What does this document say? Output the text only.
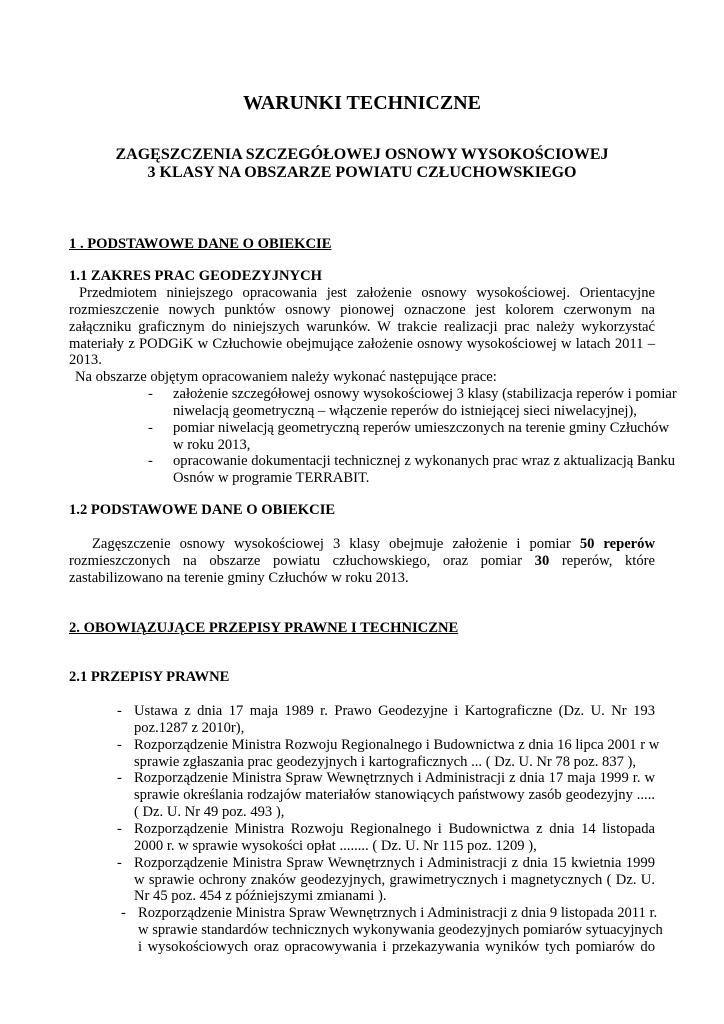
WARUNKI TECHNICZNE
ZAGĘSZCZENIA SZCZEGÓŁOWEJ OSNOWY WYSOKOŚCIOWEJ
3 KLASY NA OBSZARZE POWIATU CZŁUCHOWSKIEGO
1 . PODSTAWOWE DANE O OBIEKCIE
1.1 ZAKRES PRAC GEODEZYJNYCH
Przedmiotem niniejszego opracowania jest założenie osnowy wysokościowej. Orientacyjne
rozmieszczenie nowych punktów osnowy pionowej oznaczone jest kolorem czerwonym na
załączniku graficznym do niniejszych warunków. W trakcie realizacji prac należy wykorzystać
materiały z PODGiK w Człuchowie obejmujące założenie osnowy wysokościowej w latach 2011 –
2013.
Na obszarze objętym opracowaniem należy wykonać następujące prace:
- założenie szczegółowej osnowy wysokościowej 3 klasy (stabilizacja reperów i pomiar
niwelacją geometryczną – włączenie reperów do istniejącej sieci niwelacyjnej),
- pomiar niwelacją geometryczną reperów umieszczonych na terenie gminy Człuchów
w roku 2013,
- opracowanie dokumentacji technicznej z wykonanych prac wraz z aktualizacją Banku
Osnów w programie TERRABIT.
1.2 PODSTAWOWE DANE O OBIEKCIE
Zagęszczenie osnowy wysokościowej 3 klasy obejmuje założenie i pomiar 50 reperów
rozmieszczonych na obszarze powiatu człuchowskiego, oraz pomiar 30 reperów, które
zastabilizowano na terenie gminy Człuchów w roku 2013.
2. OBOWIĄZUJĄCE PRZEPISY PRAWNE I TECHNICZNE
2.1 PRZEPISY PRAWNE
- Ustawa z dnia 17 maja 1989 r. Prawo Geodezyjne i Kartograficzne (Dz. U. Nr 193
poz.1287 z 2010r),
- Rozporządzenie Ministra Rozwoju Regionalnego i Budownictwa z dnia 16 lipca 2001 r w
sprawie zgłaszania prac geodezyjnych i kartograficznych ... ( Dz. U. Nr 78 poz. 837 ),
- Rozporządzenie Ministra Spraw Wewnętrznych i Administracji z dnia 17 maja 1999 r. w
sprawie określania rodzajów materiałów stanowiących państwowy zasób geodezyjny .....
( Dz. U. Nr 49 poz. 493 ),
- Rozporządzenie Ministra Rozwoju Regionalnego i Budownictwa z dnia 14 listopada
2000 r. w sprawie wysokości opłat ........ ( Dz. U. Nr 115 poz. 1209 ),
- Rozporządzenie Ministra Spraw Wewnętrznych i Administracji z dnia 15 kwietnia 1999
w sprawie ochrony znaków geodezyjnych, grawimetrycznych i magnetycznych ( Dz. U.
Nr 45 poz. 454 z późniejszymi zmianami ).
- Rozporządzenie Ministra Spraw Wewnętrznych i Administracji z dnia 9 listopada 2011 r.
w sprawie standardów technicznych wykonywania geodezyjnych pomiarów sytuacyjnych
i wysokościowych oraz opracowywania i przekazywania wyników tych pomiarów do
